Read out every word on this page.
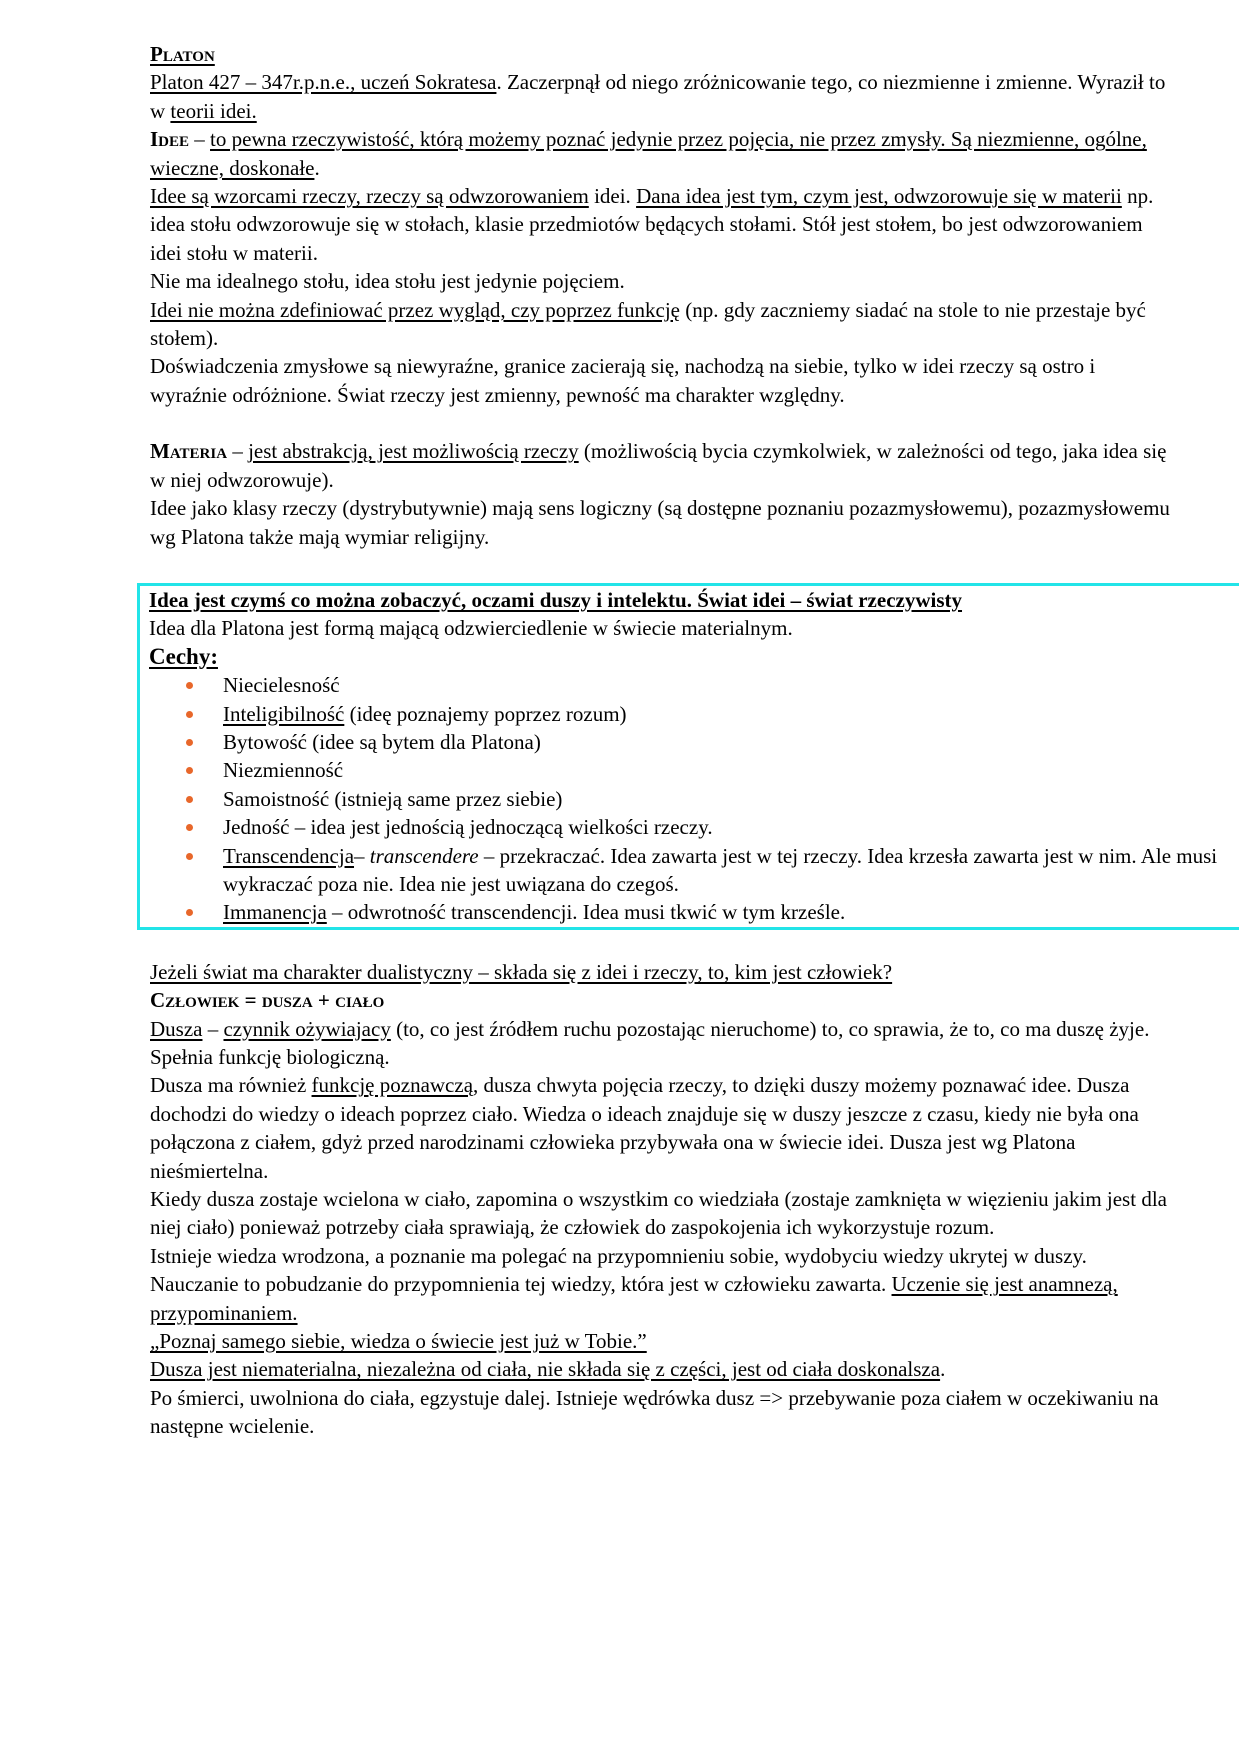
Platon

Platon 427 – 347r.p.n.e., uczeń Sokratesa. Zaczerpnął od niego zróżnicowanie tego, co niezmienne i zmienne. Wyraził to w teorii idei.

Idee – to pewna rzeczywistość, którą możemy poznać jedynie przez pojęcia, nie przez zmysły. Są niezmienne, ogólne, wieczne, doskonałe.

Idee są wzorcami rzeczy, rzeczy są odwzorowaniem idei. Dana idea jest tym, czym jest, odwzorowuje się w materii np. idea stołu odwzorowuje się w stołach, klasie przedmiotów będących stołami. Stół jest stołem, bo jest odwzorowaniem idei stołu w materii.

Nie ma idealnego stołu, idea stołu jest jedynie pojęciem.

Idei nie można zdefiniować przez wygląd, czy poprzez funkcję (np. gdy zaczniemy siadać na stole to nie przestaje być stołem).

Doświadczenia zmysłowe są niewyraźne, granice zacierają się, nachodzą na siebie, tylko w idei rzeczy są ostro i wyraźnie odróżnione. Świat rzeczy jest zmienny, pewność ma charakter względny.

Materia – jest abstrakcją, jest możliwością rzeczy (możliwością bycia czymkolwiek, w zależności od tego, jaka idea się w niej odwzorowuje).

Idee jako klasy rzeczy (dystrybutywnie) mają sens logiczny (są dostępne poznaniu pozazmysłowemu), pozazmysłowemu wg Platona także mają wymiar religijny.

Idea jest czymś co można zobaczyć, oczami duszy i intelektu. Świat idei – świat rzeczywisty

Idea dla Platona jest formą mającą odzwierciedlenie w świecie materialnym.

Cechy:

Niecielesność
Inteligibilność (ideę poznajemy poprzez rozum)
Bytowość (idee są bytem dla Platona)
Niezmienność
Samoistność (istnieją same przez siebie)
Jedność – idea jest jednością jednoczącą wielkości rzeczy.
Transcendencja– transcendere – przekraczać. Idea zawarta jest w tej rzeczy. Idea krzesła zawarta jest w nim. Ale musi wykraczać poza nie. Idea nie jest uwiązana do czegoś.
Immanencja – odwrotność transcendencji. Idea musi tkwić w tym krześle.

Jeżeli świat ma charakter dualistyczny – składa się z idei i rzeczy, to, kim jest człowiek?

Człowiek = dusza + ciało

Dusza – czynnik ożywiajacy (to, co jest źródłem ruchu pozostając nieruchome) to, co sprawia, że to, co ma duszę żyje. Spełnia funkcję biologiczną.

Dusza ma również funkcję poznawczą, dusza chwyta pojęcia rzeczy, to dzięki duszy możemy poznawać idee. Dusza dochodzi do wiedzy o ideach poprzez ciało. Wiedza o ideach znajduje się w duszy jeszcze z czasu, kiedy nie była ona połączona z ciałem, gdyż przed narodzinami człowieka przybywała ona w świecie idei. Dusza jest wg Platona nieśmiertelna.

Kiedy dusza zostaje wcielona w ciało, zapomina o wszystkim co wiedziała (zostaje zamknięta w więzieniu jakim jest dla niej ciało) ponieważ potrzeby ciała sprawiają, że człowiek do zaspokojenia ich wykorzystuje rozum.

Istnieje wiedza wrodzona, a poznanie ma polegać na przypomnieniu sobie, wydobyciu wiedzy ukrytej w duszy. Nauczanie to pobudzanie do przypomnienia tej wiedzy, która jest w człowieku zawarta. Uczenie się jest anamnezą, przypominaniem.

„Poznaj samego siebie, wiedza o świecie jest już w Tobie.”

Dusza jest niematerialna, niezależna od ciała, nie składa się z części, jest od ciała doskonalsza.

Po śmierci, uwolniona do ciała, egzystuje dalej. Istnieje wędrówka dusz => przebywanie poza ciałem w oczekiwaniu na następne wcielenie.
